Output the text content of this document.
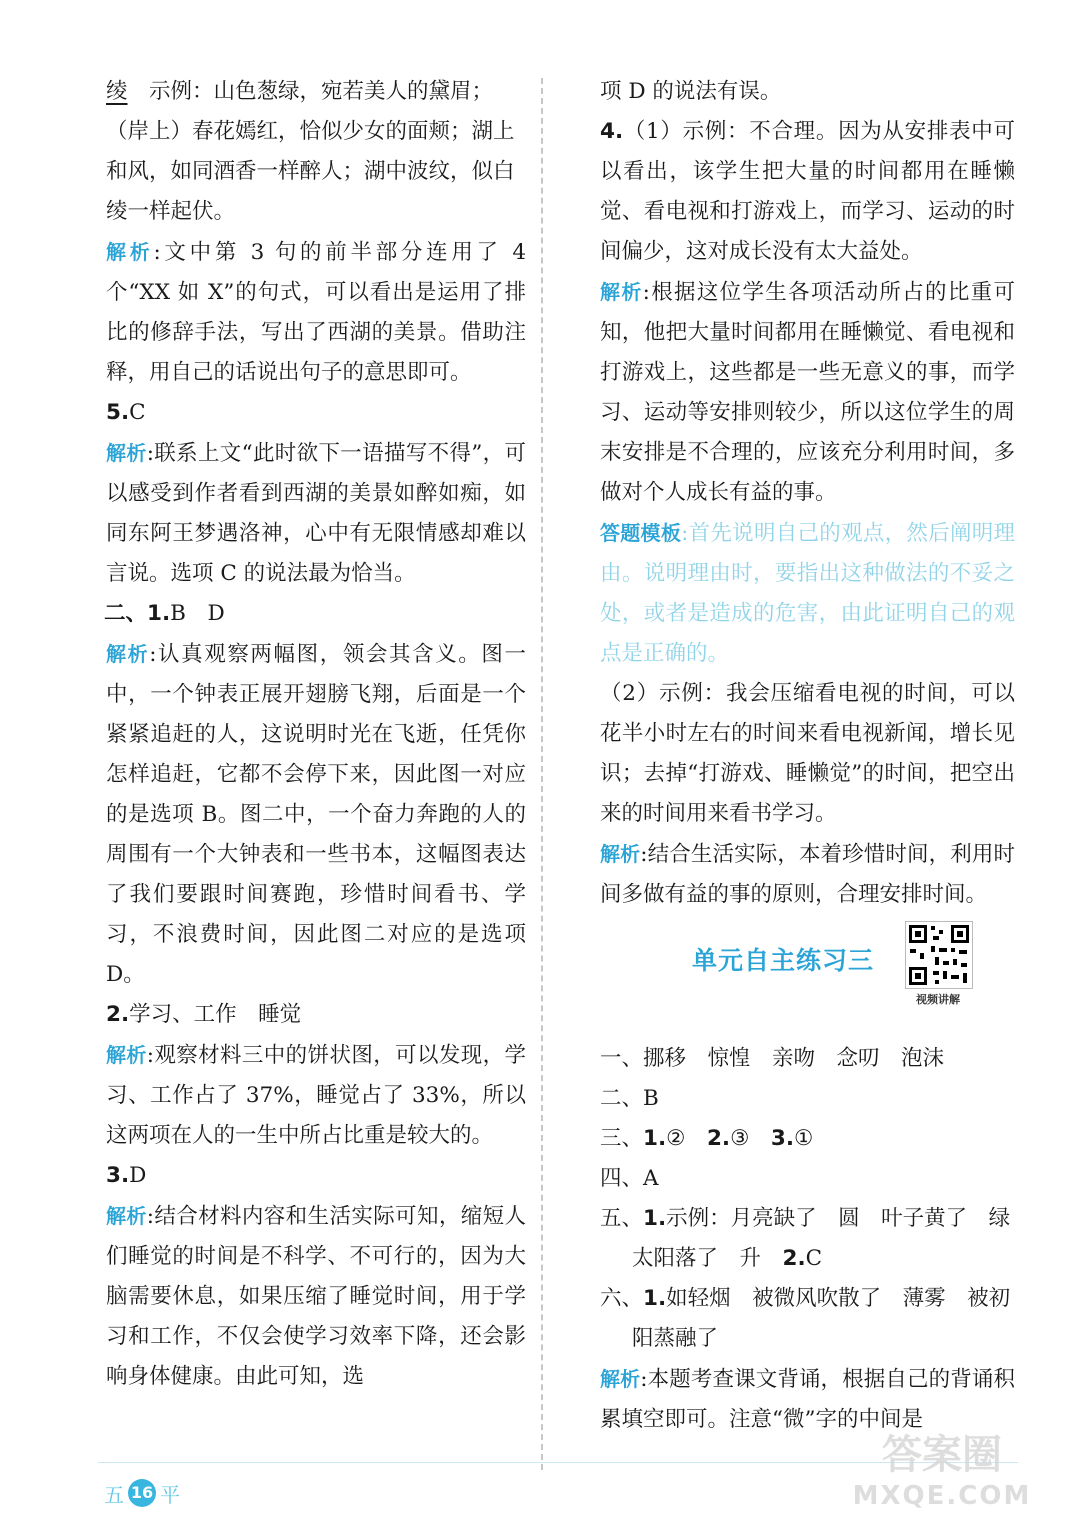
绫　示例：山色葱绿，宛若美人的黛眉；

（岸上）春花嫣红，恰似少女的面颊；湖上

和风，如同酒香一样醉人；湖中波纹，似白

绫一样起伏。

解析:文中第 3 句的前半部分连用了 4 个“XX 如 X”的句式，可以看出是运用了排比的修辞手法，写出了西湖的美景。借助注释，用自己的话说出句子的意思即可。

5.C

解析:联系上文“此时欲下一语描写不得”，可以感受到作者看到西湖的美景如醉如痴，如同东阿王梦遇洛神，心中有无限情感却难以言说。选项 C 的说法最为恰当。

二、1.B　D

解析:认真观察两幅图，领会其含义。图一中，一个钟表正展开翅膀飞翔，后面是一个紧紧追赶的人，这说明时光在飞逝，任凭你怎样追赶，它都不会停下来，因此图一对应的是选项 B。图二中，一个奋力奔跑的人的周围有一个大钟表和一些书本，这幅图表达了我们要跟时间赛跑，珍惜时间看书、学习，不浪费时间，因此图二对应的是选项 D。

2.学习、工作　睡觉

解析:观察材料三中的饼状图，可以发现，学习、工作占了 37%，睡觉占了 33%，所以这两项在人的一生中所占比重是较大的。

3.D

解析:结合材料内容和生活实际可知，缩短人们睡觉的时间是不科学、不可行的，因为大脑需要休息，如果压缩了睡觉时间，用于学习和工作，不仅会使学习效率下降，还会影响身体健康。由此可知，选

项 D 的说法有误。

4.（1）示例：不合理。因为从安排表中可以看出，该学生把大量的时间都用在睡懒觉、看电视和打游戏上，而学习、运动的时间偏少，这对成长没有太大益处。

解析:根据这位学生各项活动所占的比重可知，他把大量时间都用在睡懒觉、看电视和打游戏上，这些都是一些无意义的事，而学习、运动等安排则较少，所以这位学生的周末安排是不合理的，应该充分利用时间，多做对个人成长有益的事。

答题模板:首先说明自己的观点，然后阐明理由。说明理由时，要指出这种做法的不妥之处，或者是造成的危害，由此证明自己的观点是正确的。

（2）示例：我会压缩看电视的时间，可以花半小时左右的时间来看电视新闻，增长见识；去掉“打游戏、睡懒觉”的时间，把空出来的时间用来看书学习。

解析:结合生活实际，本着珍惜时间，利用时间多做有益的事的原则，合理安排时间。

单元自主练习三
视频讲解

一、挪移　惊惶　亲吻　念叨　泡沫

二、B

三、1.②　 2.③　 3.①

四、A

五、1.示例：月亮缺了　圆　叶子黄了　绿

太阳落了　升　 2.C

六、1.如轻烟　被微风吹散了　薄雾　被初

阳蒸融了

解析:本题考查课文背诵，根据自己的背诵积累填空即可。注意“微”字的中间是

五 16 平
答案圈
MXQE.COM
